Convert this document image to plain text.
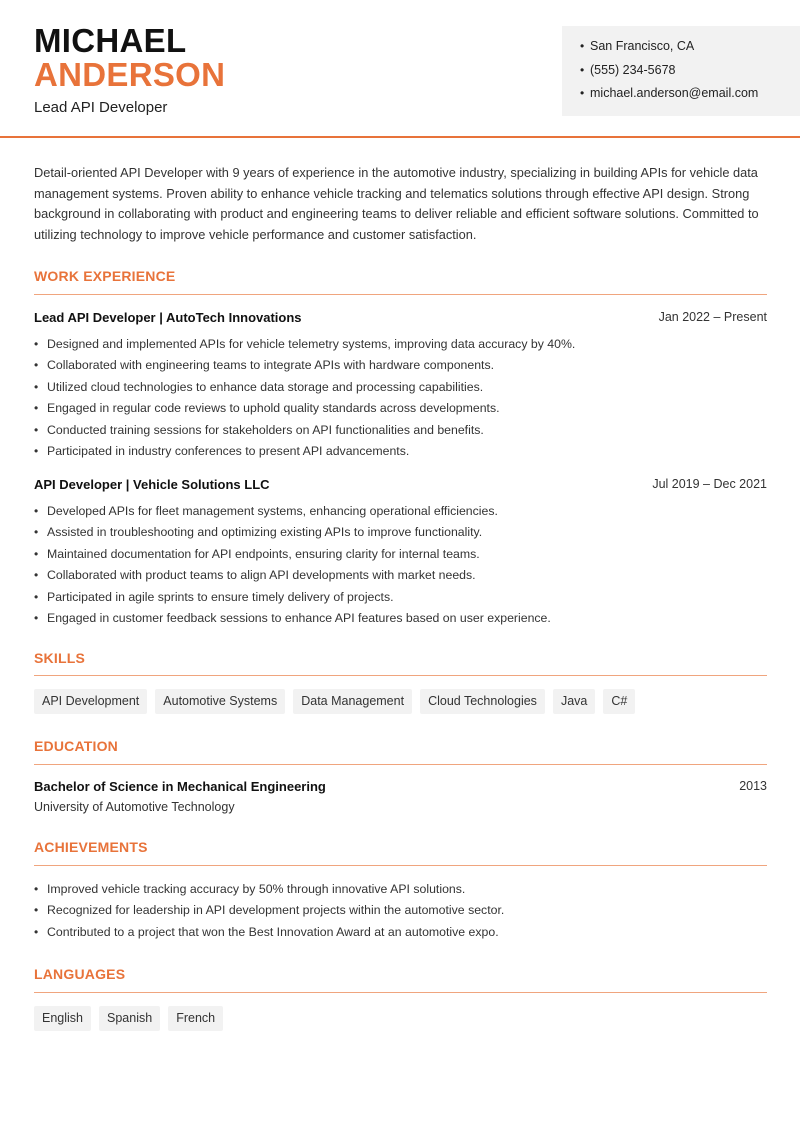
MICHAEL
ANDERSON
Lead API Developer
• San Francisco, CA
• (555) 234-5678
• michael.anderson@email.com

Detail-oriented API Developer with 9 years of experience in the automotive industry, specializing in building APIs for vehicle data management systems. Proven ability to enhance vehicle tracking and telematics solutions through effective API design. Strong background in collaborating with product and engineering teams to deliver reliable and efficient software solutions. Committed to utilizing technology to improve vehicle performance and customer satisfaction.

WORK EXPERIENCE
Lead API Developer | AutoTech Innovations	Jan 2022 – Present
• Designed and implemented APIs for vehicle telemetry systems, improving data accuracy by 40%.
• Collaborated with engineering teams to integrate APIs with hardware components.
• Utilized cloud technologies to enhance data storage and processing capabilities.
• Engaged in regular code reviews to uphold quality standards across developments.
• Conducted training sessions for stakeholders on API functionalities and benefits.
• Participated in industry conferences to present API advancements.
API Developer | Vehicle Solutions LLC	Jul 2019 – Dec 2021
• Developed APIs for fleet management systems, enhancing operational efficiencies.
• Assisted in troubleshooting and optimizing existing APIs to improve functionality.
• Maintained documentation for API endpoints, ensuring clarity for internal teams.
• Collaborated with product teams to align API developments with market needs.
• Participated in agile sprints to ensure timely delivery of projects.
• Engaged in customer feedback sessions to enhance API features based on user experience.
SKILLS
API Development	Automotive Systems	Data Management	Cloud Technologies	Java	C#
EDUCATION
Bachelor of Science in Mechanical Engineering	2013
University of Automotive Technology
ACHIEVEMENTS
• Improved vehicle tracking accuracy by 50% through innovative API solutions.
• Recognized for leadership in API development projects within the automotive sector.
• Contributed to a project that won the Best Innovation Award at an automotive expo.
LANGUAGES
English	Spanish	French
